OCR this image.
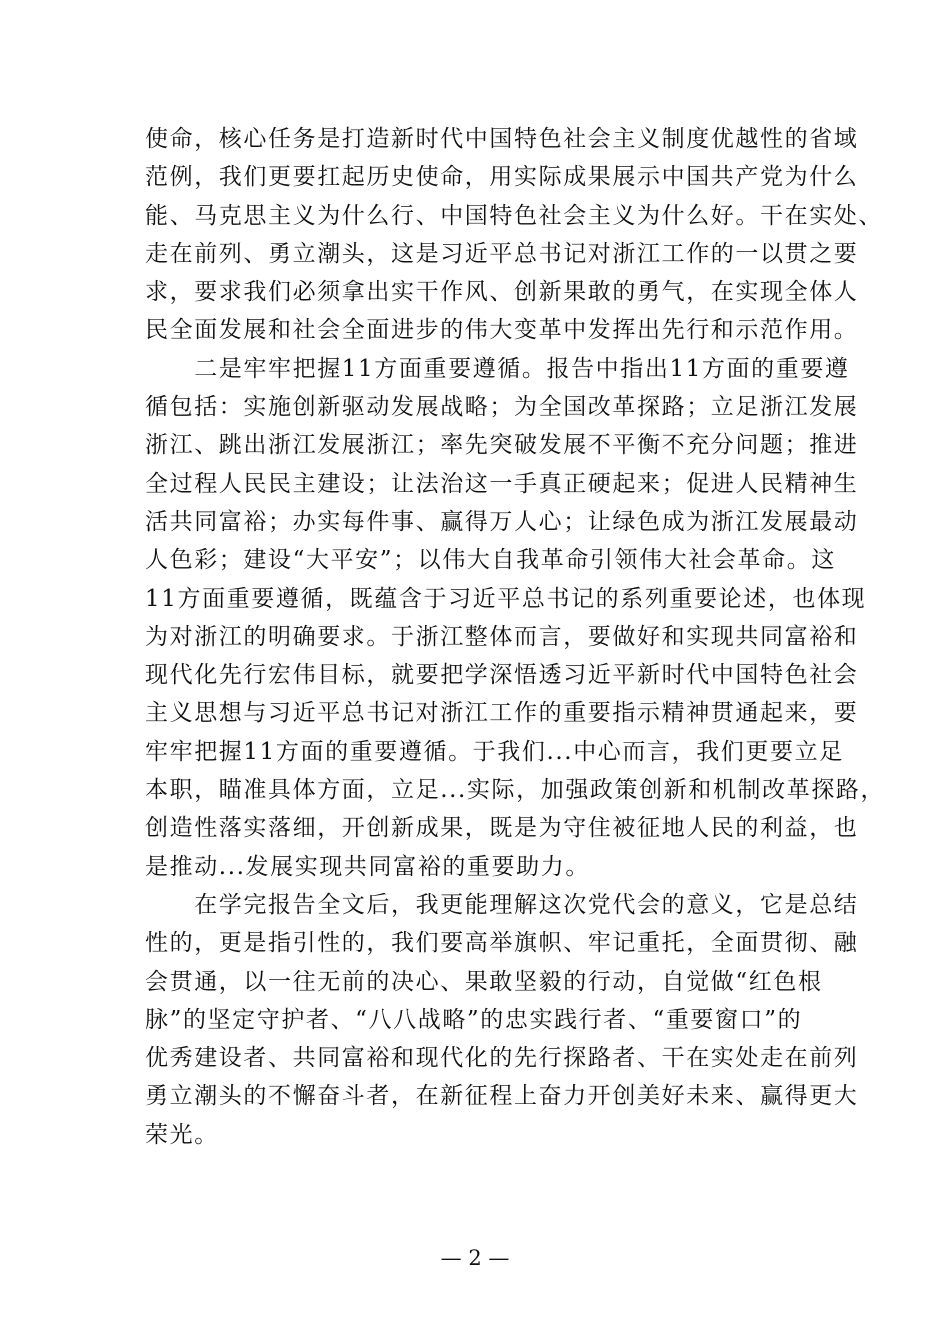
使命，核心任务是打造新时代中国特色社会主义制度优越性的省域
范例，我们更要扛起历史使命，用实际成果展示中国共产党为什么
能、马克思主义为什么行、中国特色社会主义为什么好。干在实处、
走在前列、勇立潮头，这是习近平总书记对浙江工作的一以贯之要
求，要求我们必须拿出实干作风、创新果敢的勇气，在实现全体人
民全面发展和社会全面进步的伟大变革中发挥出先行和示范作用。
　　二是牢牢把握11方面重要遵循。报告中指出11方面的重要遵
循包括：实施创新驱动发展战略；为全国改革探路；立足浙江发展
浙江、跳出浙江发展浙江；率先突破发展不平衡不充分问题；推进
全过程人民民主建设；让法治这一手真正硬起来；促进人民精神生
活共同富裕；办实每件事、赢得万人心；让绿色成为浙江发展最动
人色彩；建设“大平安”；以伟大自我革命引领伟大社会革命。这
11方面重要遵循，既蕴含于习近平总书记的系列重要论述，也体现
为对浙江的明确要求。于浙江整体而言，要做好和实现共同富裕和
现代化先行宏伟目标，就要把学深悟透习近平新时代中国特色社会
主义思想与习近平总书记对浙江工作的重要指示精神贯通起来，要
牢牢把握11方面的重要遵循。于我们...中心而言，我们更要立足
本职，瞄准具体方面，立足...实际，加强政策创新和机制改革探路，
创造性落实落细，开创新成果，既是为守住被征地人民的利益，也
是推动...发展实现共同富裕的重要助力。
　　在学完报告全文后，我更能理解这次党代会的意义，它是总结
性的，更是指引性的，我们要高举旗帜、牢记重托，全面贯彻、融
会贯通，以一往无前的决心、果敢坚毅的行动，自觉做“红色根
脉”的坚定守护者、“八八战略”的忠实践行者、“重要窗口”的
优秀建设者、共同富裕和现代化的先行探路者、干在实处走在前列
勇立潮头的不懈奋斗者，在新征程上奋力开创美好未来、赢得更大
荣光。
— 2 —
